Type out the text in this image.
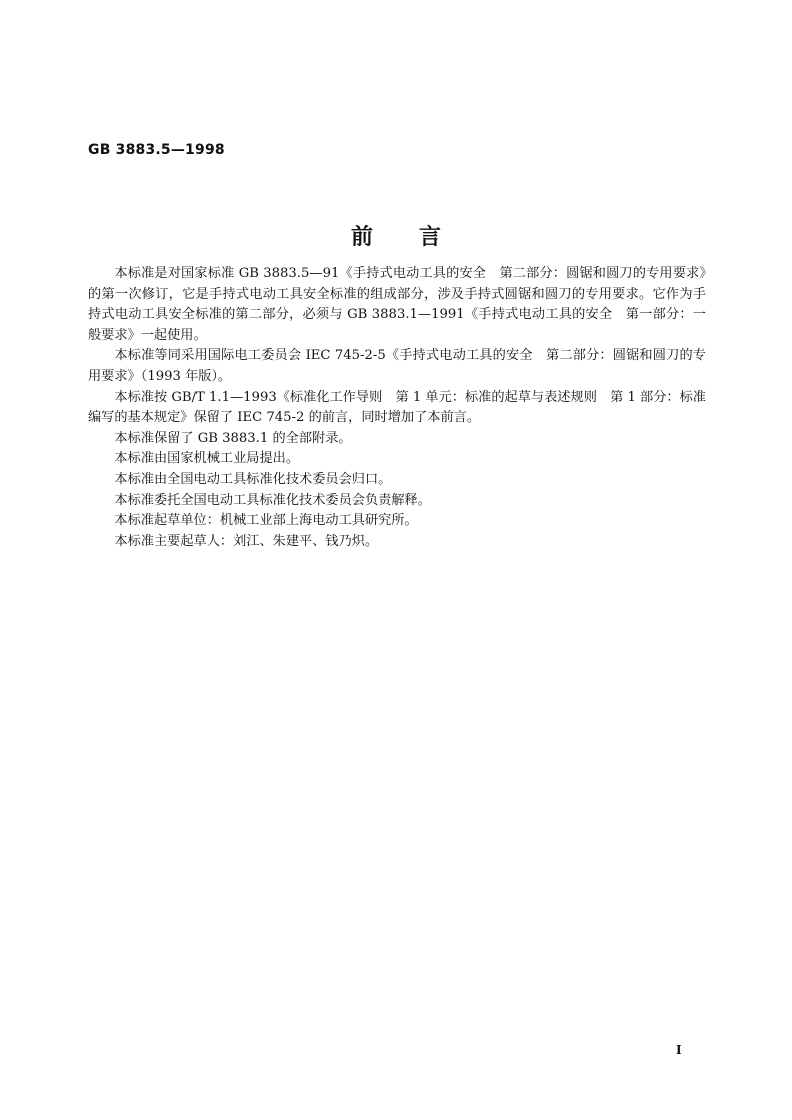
GB 3883.5—1998
前言

本标准是对国家标准 GB 3883.5—91《手持式电动工具的安全　第二部分：圆锯和圆刀的专用要求》的第一次修订，它是手持式电动工具安全标准的组成部分，涉及手持式圆锯和圆刀的专用要求。它作为手持式电动工具安全标准的第二部分，必须与 GB 3883.1—1991《手持式电动工具的安全　第一部分：一般要求》一起使用。

本标准等同采用国际电工委员会 IEC 745-2-5《手持式电动工具的安全　第二部分：圆锯和圆刀的专用要求》（1993 年版）。

本标准按 GB/T 1.1—1993《标准化工作导则　第 1 单元：标准的起草与表述规则　第 1 部分：标准编写的基本规定》保留了 IEC 745-2 的前言，同时增加了本前言。

本标准保留了 GB 3883.1 的全部附录。

本标准由国家机械工业局提出。

本标准由全国电动工具标准化技术委员会归口。

本标准委托全国电动工具标准化技术委员会负责解释。

本标准起草单位：机械工业部上海电动工具研究所。

本标准主要起草人：刘江、朱建平、钱乃炽。

Ⅰ
